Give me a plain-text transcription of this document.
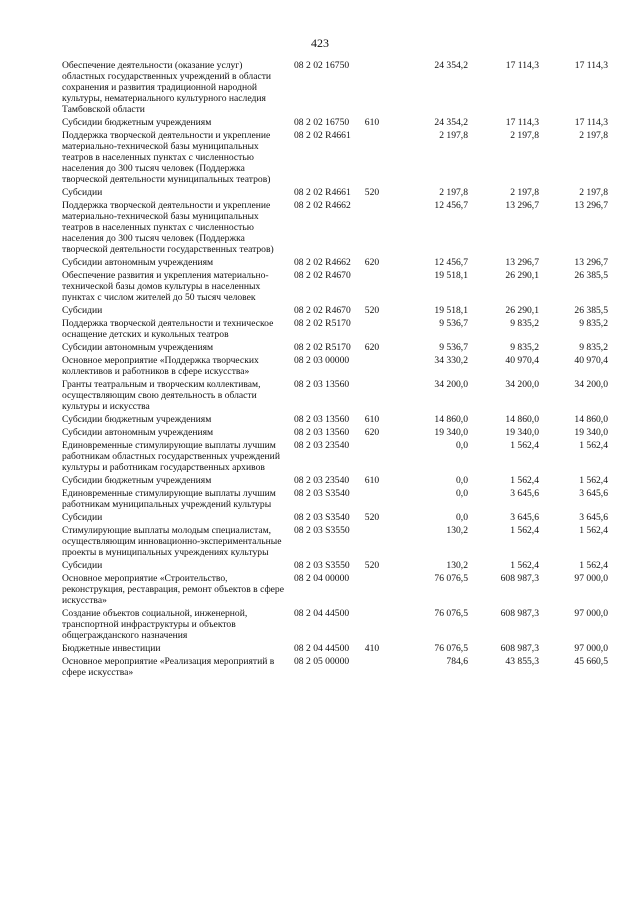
423
Обеспечение деятельности (оказание услуг) областных государственных учреждений в области сохранения и развития традиционной народной культуры, нематериального культурного наследия Тамбовской области	08 2 02 16750		24 354,2	17 114,3	17 114,3
Субсидии бюджетным учреждениям	08 2 02 16750	610	24 354,2	17 114,3	17 114,3
Поддержка творческой деятельности и укрепление материально-технической базы муниципальных театров в населенных пунктах с численностью населения до 300 тысяч человек (Поддержка творческой деятельности муниципальных театров)	08 2 02 R4661		2 197,8	2 197,8	2 197,8
Субсидии	08 2 02 R4661	520	2 197,8	2 197,8	2 197,8
Поддержка творческой деятельности и укрепление материально-технической базы муниципальных театров в населенных пунктах с численностью населения до 300 тысяч человек (Поддержка творческой деятельности государственных театров)	08 2 02 R4662		12 456,7	13 296,7	13 296,7
Субсидии автономным учреждениям	08 2 02 R4662	620	12 456,7	13 296,7	13 296,7
Обеспечение развития и укрепления материально-технической базы домов культуры в населенных пунктах с числом жителей до 50 тысяч человек	08 2 02 R4670		19 518,1	26 290,1	26 385,5
Субсидии	08 2 02 R4670	520	19 518,1	26 290,1	26 385,5
Поддержка творческой деятельности и техническое оснащение детских и кукольных театров	08 2 02 R5170		9 536,7	9 835,2	9 835,2
Субсидии автономным учреждениям	08 2 02 R5170	620	9 536,7	9 835,2	9 835,2
Основное мероприятие «Поддержка творческих коллективов и работников в сфере искусства»	08 2 03 00000		34 330,2	40 970,4	40 970,4
Гранты театральным и творческим коллективам, осуществляющим свою деятельность в области культуры и искусства	08 2 03 13560		34 200,0	34 200,0	34 200,0
Субсидии бюджетным учреждениям	08 2 03 13560	610	14 860,0	14 860,0	14 860,0
Субсидии автономным учреждениям	08 2 03 13560	620	19 340,0	19 340,0	19 340,0
Единовременные стимулирующие выплаты лучшим работникам областных государственных учреждений культуры и работникам государственных архивов	08 2 03 23540		0,0	1 562,4	1 562,4
Субсидии бюджетным учреждениям	08 2 03 23540	610	0,0	1 562,4	1 562,4
Единовременные стимулирующие выплаты лучшим работникам муниципальных учреждений культуры	08 2 03 S3540		0,0	3 645,6	3 645,6
Субсидии	08 2 03 S3540	520	0,0	3 645,6	3 645,6
Стимулирующие выплаты молодым специалистам, осуществляющим инновационно-экспериментальные проекты в муниципальных учреждениях культуры	08 2 03 S3550		130,2	1 562,4	1 562,4
Субсидии	08 2 03 S3550	520	130,2	1 562,4	1 562,4
Основное мероприятие «Строительство, реконструкция, реставрация, ремонт объектов в сфере искусства»	08 2 04 00000		76 076,5	608 987,3	97 000,0
Создание объектов социальной, инженерной, транспортной инфраструктуры и объектов общегражданского назначения	08 2 04 44500		76 076,5	608 987,3	97 000,0
Бюджетные инвестиции	08 2 04 44500	410	76 076,5	608 987,3	97 000,0
Основное мероприятие «Реализация мероприятий в сфере искусства»	08 2 05 00000		784,6	43 855,3	45 660,5
